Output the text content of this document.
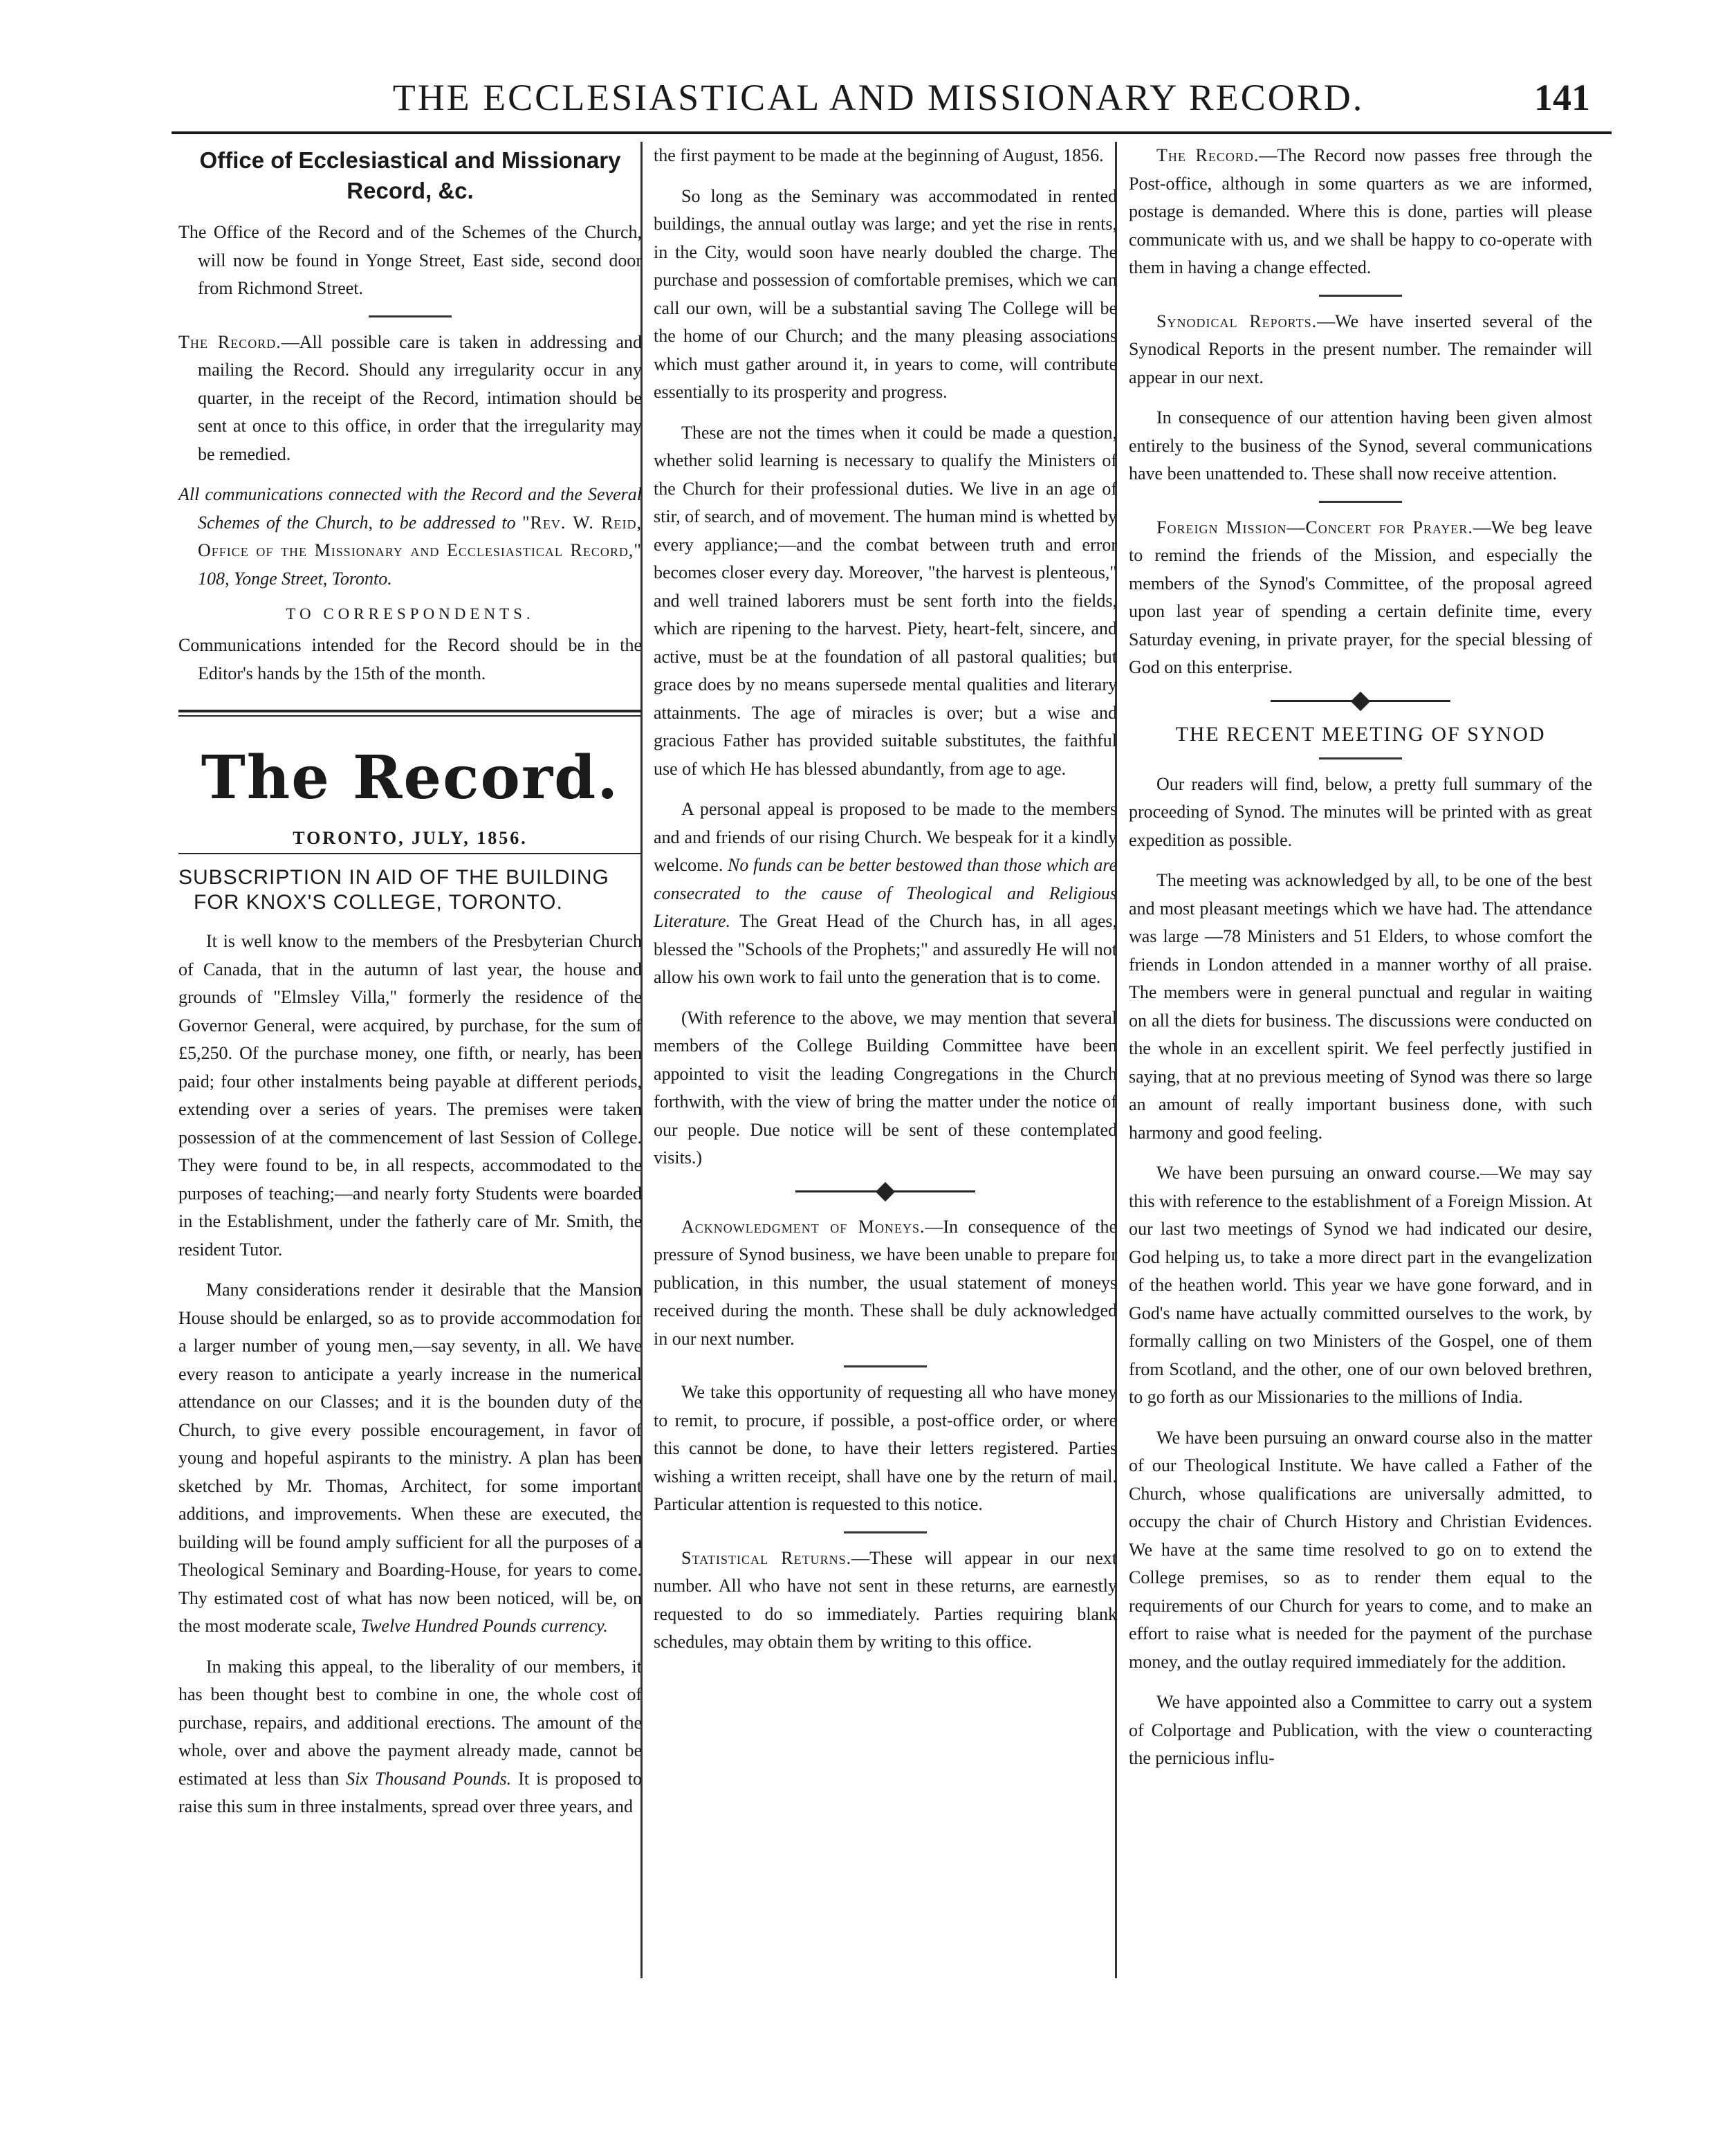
THE ECCLESIASTICAL AND MISSIONARY RECORD.	141
Office of Ecclesiastical and Missionary Record, &c.

The Office of the Record and of the Schemes of the Church, will now be found in Yonge Street, East side, second door from Richmond Street.

The Record.—All possible care is taken in addressing and mailing the Record. Should any irregularity occur in any quarter, in the receipt of the Record, intimation should be sent at once to this office, in order that the irregularity may be remedied.

All communications connected with the Record and the Several Schemes of the Church, to be addressed to "Rev. W. Reid, Office of the Missionary and Ecclesiastical Record," 108, Yonge Street, Toronto.

TO CORRESPONDENTS.

Communications intended for the Record should be in the Editor's hands by the 15th of the month.

The Record.
TORONTO, JULY, 1856.
SUBSCRIPTION IN AID OF THE BUILDING FOR KNOX'S COLLEGE, TORONTO.

It is well know to the members of the Presbyterian Church of Canada, that in the autumn of last year, the house and grounds of "Elmsley Villa," formerly the residence of the Governor General, were acquired, by purchase, for the sum of £5,250. Of the purchase money, one fifth, or nearly, has been paid; four other instalments being payable at different periods, extending over a series of years. The premises were taken possession of at the commencement of last Session of College. They were found to be, in all respects, accommodated to the purposes of teaching;—and nearly forty Students were boarded in the Establishment, under the fatherly care of Mr. Smith, the resident Tutor.

Many considerations render it desirable that the Mansion House should be enlarged, so as to provide accommodation for a larger number of young men,—say seventy, in all. We have every reason to anticipate a yearly increase in the numerical attendance on our Classes; and it is the bounden duty of the Church, to give every possible encouragement, in favor of young and hopeful aspirants to the ministry. A plan has been sketched by Mr. Thomas, Architect, for some important additions, and improvements. When these are executed, the building will be found amply sufficient for all the purposes of a Theological Seminary and Boarding-House, for years to come. Thy estimated cost of what has now been noticed, will be, on the most moderate scale, Twelve Hundred Pounds currency.

In making this appeal, to the liberality of our members, it has been thought best to combine in one, the whole cost of purchase, repairs, and additional erections. The amount of the whole, over and above the payment already made, cannot be estimated at less than Six Thousand Pounds. It is proposed to raise this sum in three instalments, spread over three years, and

the first payment to be made at the beginning of August, 1856.

So long as the Seminary was accommodated in rented buildings, the annual outlay was large; and yet the rise in rents, in the City, would soon have nearly doubled the charge. The purchase and possession of comfortable premises, which we can call our own, will be a substantial saving The College will be the home of our Church; and the many pleasing associations which must gather around it, in years to come, will contribute essentially to its prosperity and progress.

These are not the times when it could be made a question, whether solid learning is necessary to qualify the Ministers of the Church for their professional duties. We live in an age of stir, of search, and of movement. The human mind is whetted by every appliance;—and the combat between truth and error becomes closer every day. Moreover, "the harvest is plenteous," and well trained laborers must be sent forth into the fields, which are ripening to the harvest. Piety, heart-felt, sincere, and active, must be at the foundation of all pastoral qualities; but grace does by no means supersede mental qualities and literary attainments. The age of miracles is over; but a wise and gracious Father has provided suitable substitutes, the faithful use of which He has blessed abundantly, from age to age.

A personal appeal is proposed to be made to the members and and friends of our rising Church. We bespeak for it a kindly welcome. No funds can be better bestowed than those which are consecrated to the cause of Theological and Religious Literature. The Great Head of the Church has, in all ages, blessed the "Schools of the Prophets;" and assuredly He will not allow his own work to fail unto the generation that is to come.

(With reference to the above, we may mention that several members of the College Building Committee have been appointed to visit the leading Congregations in the Church forthwith, with the view of bring the matter under the notice of our people. Due notice will be sent of these contemplated visits.)

Acknowledgment of Moneys.—In consequence of the pressure of Synod business, we have been unable to prepare for publication, in this number, the usual statement of moneys received during the month. These shall be duly acknowledged in our next number.

We take this opportunity of requesting all who have money to remit, to procure, if possible, a post-office order, or where this cannot be done, to have their letters registered. Parties wishing a written receipt, shall have one by the return of mail. Particular attention is requested to this notice.

Statistical Returns.—These will appear in our next number. All who have not sent in these returns, are earnestly requested to do so immediately. Parties requiring blank schedules, may obtain them by writing to this office.

The Record.—The Record now passes free through the Post-office, although in some quarters as we are informed, postage is demanded. Where this is done, parties will please communicate with us, and we shall be happy to co-operate with them in having a change effected.

Synodical Reports.—We have inserted several of the Synodical Reports in the present number. The remainder will appear in our next.

In consequence of our attention having been given almost entirely to the business of the Synod, several communications have been unattended to. These shall now receive attention.

Foreign Mission—Concert for Prayer.—We beg leave to remind the friends of the Mission, and especially the members of the Synod's Committee, of the proposal agreed upon last year of spending a certain definite time, every Saturday evening, in private prayer, for the special blessing of God on this enterprise.

THE RECENT MEETING OF SYNOD

Our readers will find, below, a pretty full summary of the proceeding of Synod. The minutes will be printed with as great expedition as possible.

The meeting was acknowledged by all, to be one of the best and most pleasant meetings which we have had. The attendance was large —78 Ministers and 51 Elders, to whose comfort the friends in London attended in a manner worthy of all praise. The members were in general punctual and regular in waiting on all the diets for business. The discussions were conducted on the whole in an excellent spirit. We feel perfectly justified in saying, that at no previous meeting of Synod was there so large an amount of really important business done, with such harmony and good feeling.

We have been pursuing an onward course.—We may say this with reference to the establishment of a Foreign Mission. At our last two meetings of Synod we had indicated our desire, God helping us, to take a more direct part in the evangelization of the heathen world. This year we have gone forward, and in God's name have actually committed ourselves to the work, by formally calling on two Ministers of the Gospel, one of them from Scotland, and the other, one of our own beloved brethren, to go forth as our Missionaries to the millions of India.

We have been pursuing an onward course also in the matter of our Theological Institute. We have called a Father of the Church, whose qualifications are universally admitted, to occupy the chair of Church History and Christian Evidences. We have at the same time resolved to go on to extend the College premises, so as to render them equal to the requirements of our Church for years to come, and to make an effort to raise what is needed for the payment of the purchase money, and the outlay required immediately for the addition.

We have appointed also a Committee to carry out a system of Colportage and Publication, with the view o counteracting the pernicious influ-
